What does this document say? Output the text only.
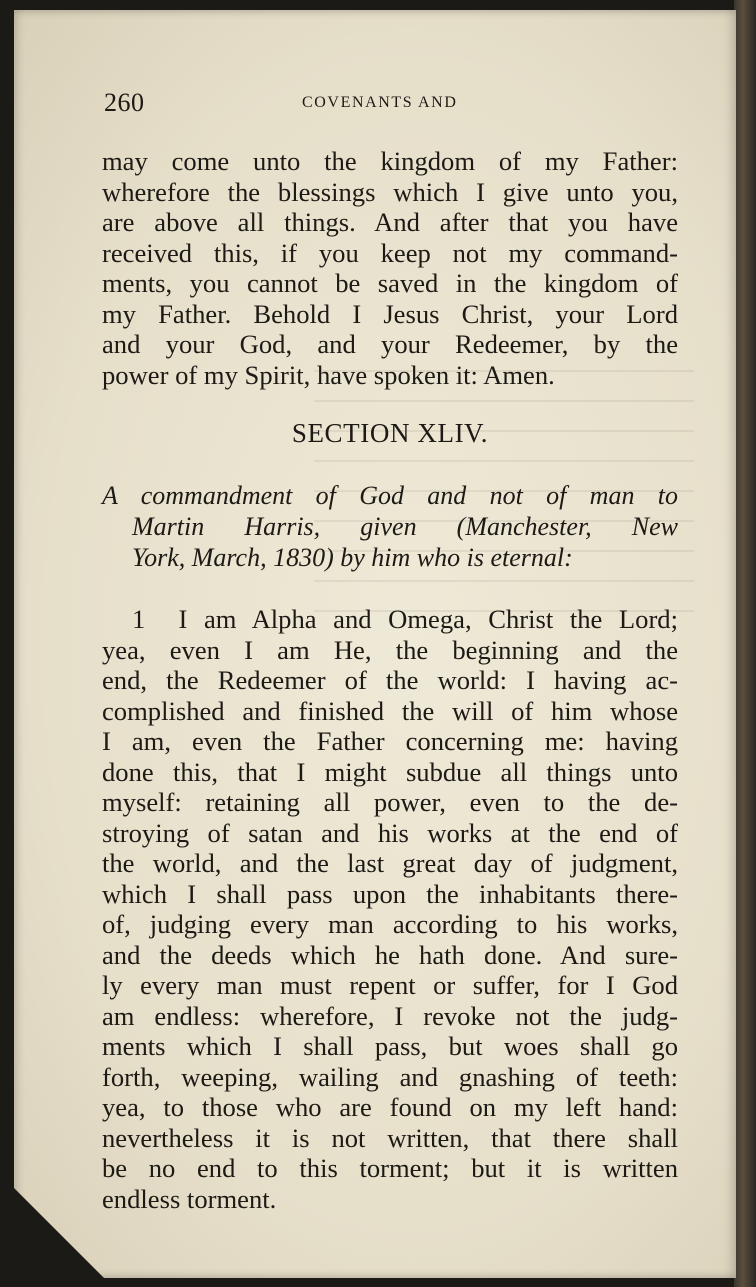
260	COVENANTS AND
may come unto the kingdom of my Father:
wherefore the blessings which I give unto you,
are above all things. And after that you have
received this, if you keep not my command-
ments, you cannot be saved in the kingdom of
my Father. Behold I Jesus Christ, your Lord
and your God, and your Redeemer, by the
power of my Spirit, have spoken it: Amen.
SECTION XLIV.
A commandment of God and not of man to
Martin Harris, given (Manchester, New
York, March, 1830) by him who is eternal:
1 I am Alpha and Omega, Christ the Lord;
yea, even I am He, the beginning and the
end, the Redeemer of the world: I having ac-
complished and finished the will of him whose
I am, even the Father concerning me: having
done this, that I might subdue all things unto
myself: retaining all power, even to the de-
stroying of satan and his works at the end of
the world, and the last great day of judgment,
which I shall pass upon the inhabitants there-
of, judging every man according to his works,
and the deeds which he hath done. And sure-
ly every man must repent or suffer, for I God
am endless: wherefore, I revoke not the judg-
ments which I shall pass, but woes shall go
forth, weeping, wailing and gnashing of teeth:
yea, to those who are found on my left hand:
nevertheless it is not written, that there shall
be no end to this torment; but it is written
endless torment.
